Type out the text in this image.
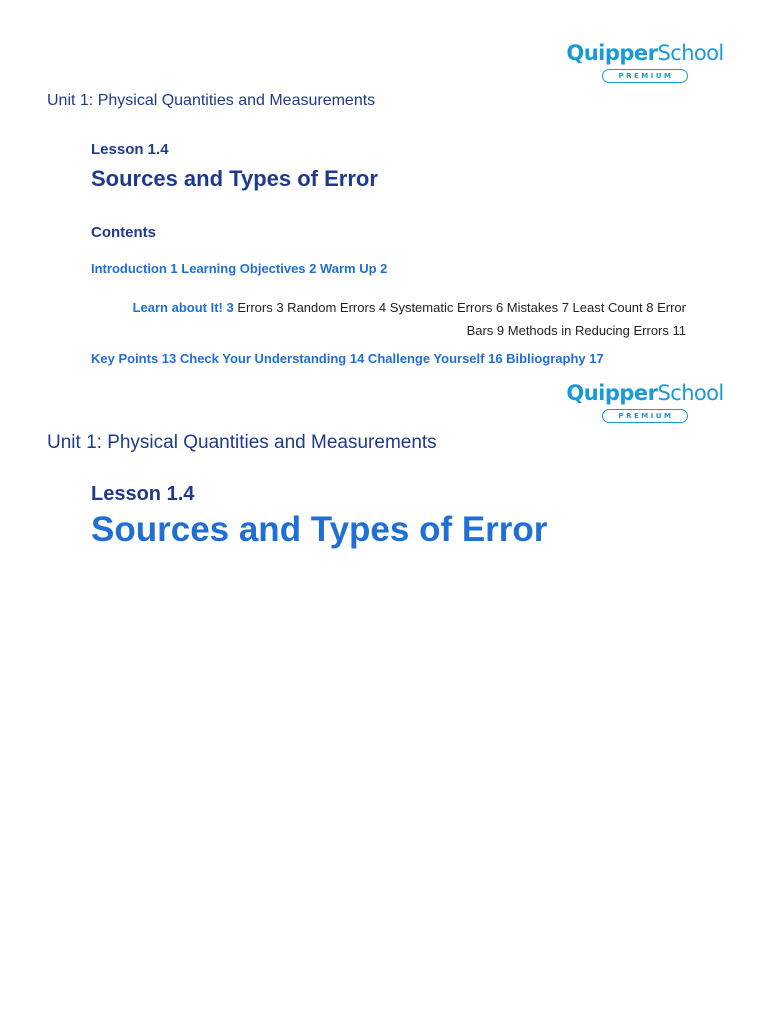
Quipper School
PREMIUM
Unit 1: Physical Quantities and Measurements
Lesson 1.4
Sources and Types of Error
Contents
Introduction 1 Learning Objectives 2 Warm Up 2
Learn about It! 3 Errors 3 Random Errors 4 Systematic Errors 6 Mistakes 7 Least Count 8 Error Bars 9 Methods in Reducing Errors 11
Key Points 13 Check Your Understanding 14 Challenge Yourself 16 Bibliography 17
Quipper School
PREMIUM
Unit 1: Physical Quantities and Measurements
Lesson 1.4
Sources and Types of Error
